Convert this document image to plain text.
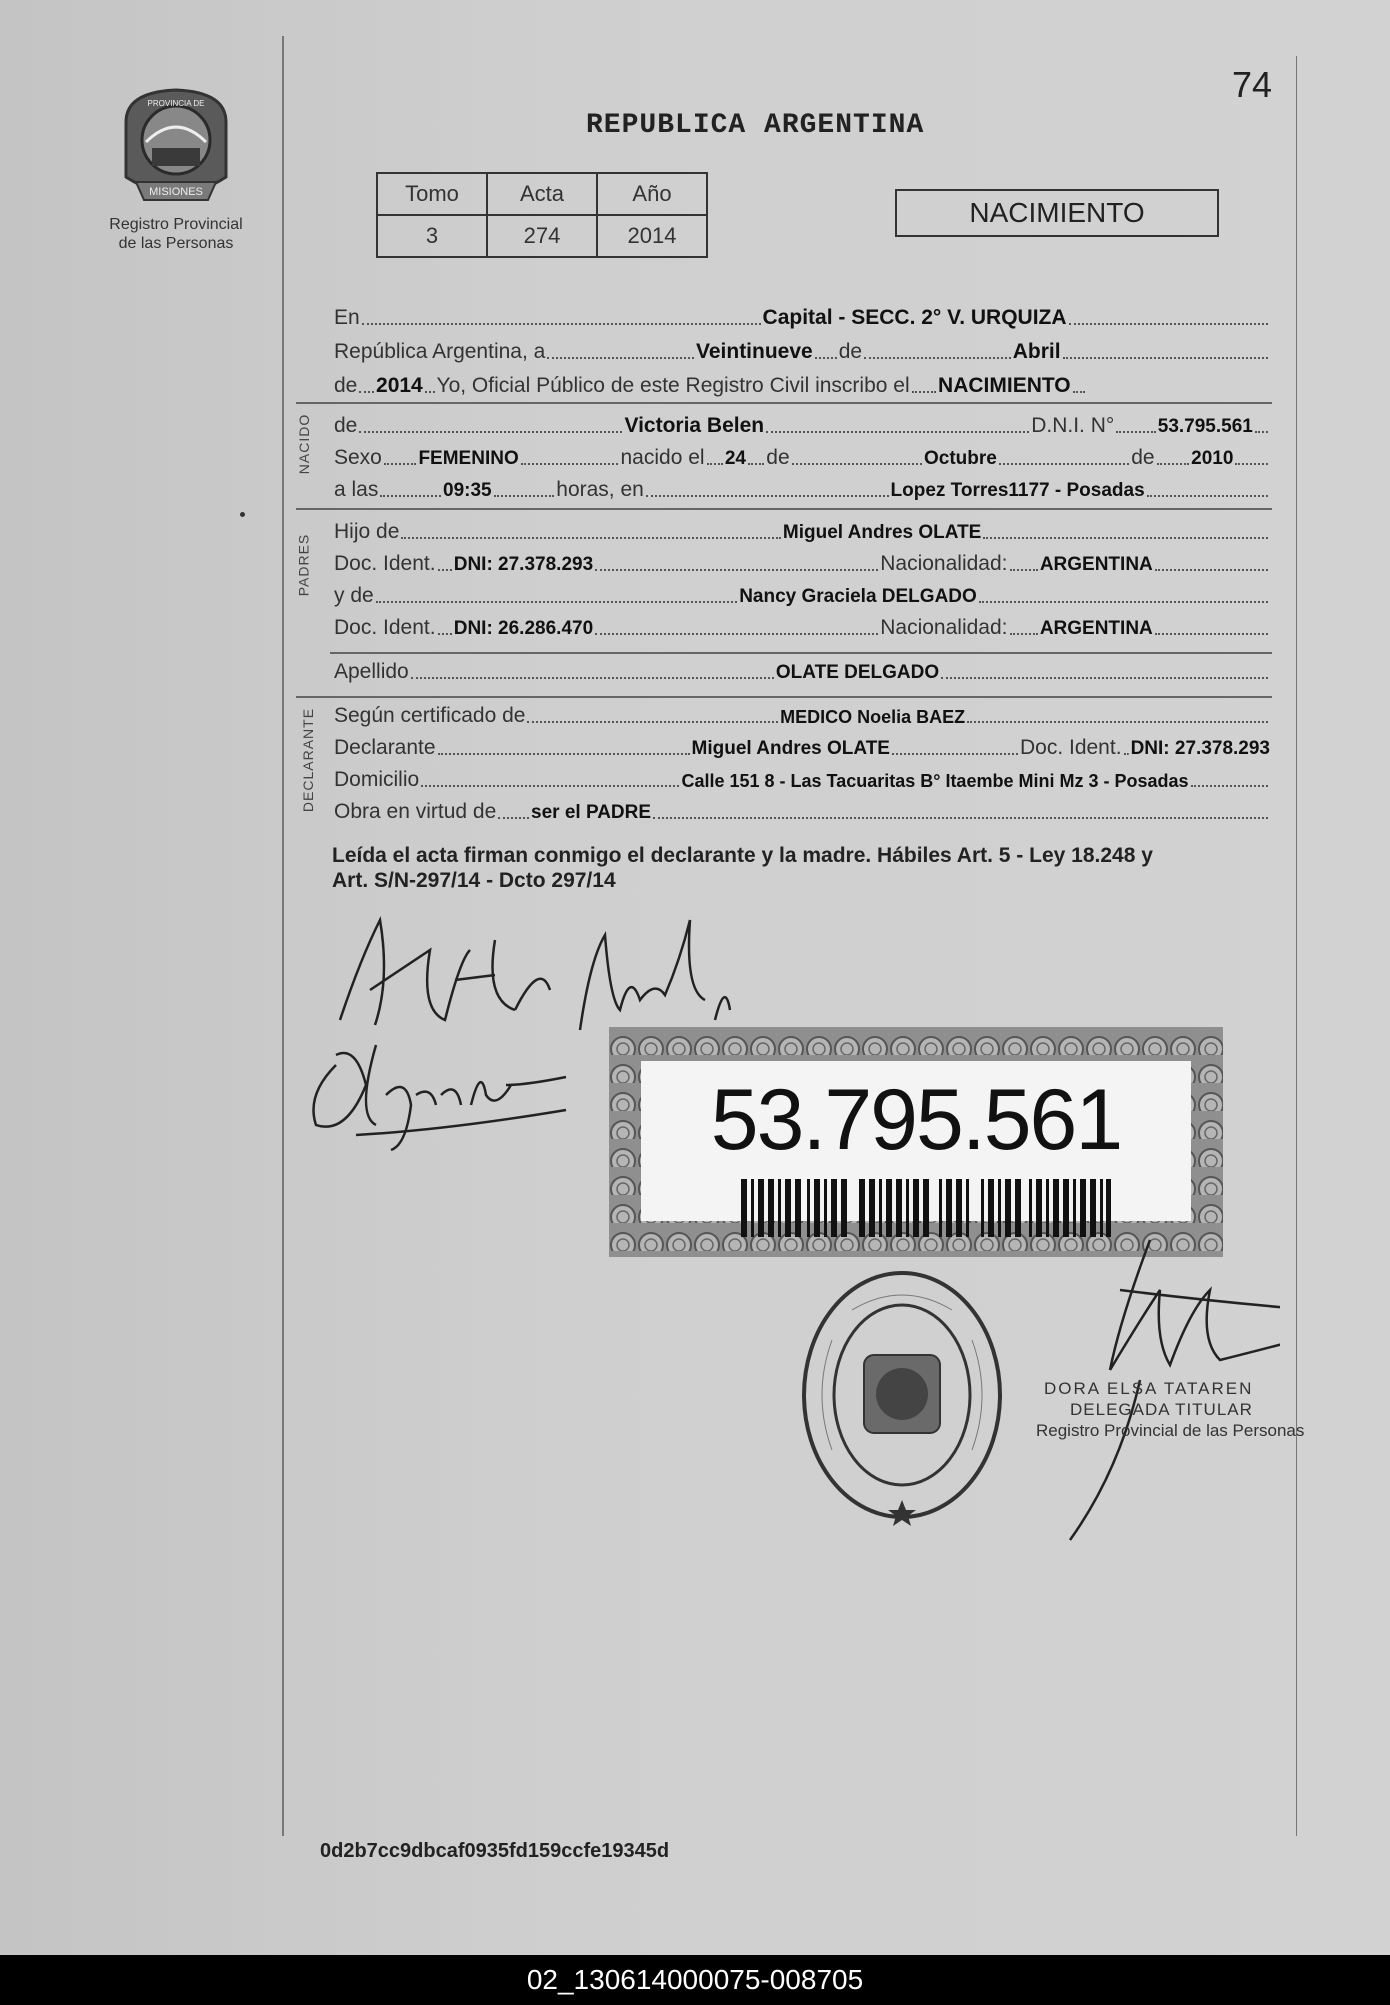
MISIONES
PROVINCIA DE
Registro Provincial
de las Personas
74
REPUBLICA ARGENTINA
Tomo	Acta	Año
3	274	2014
NACIMIENTO
En	Capital - SECC. 2° V. URQUIZA
República Argentina, a	Veintinueve de	Abril
de 2014 Yo, Oficial Público de este Registro Civil inscribo el NACIMIENTO
NACIDO de	Victoria Belen	D.N.I. N° 53.795.561
Sexo FEMENINO	nacido el 24 de	Octubre	de 2010
a las	09:35	horas, en	Lopez Torres1177 - Posadas
PADRES
Hijo de	Miguel Andres OLATE
Doc. Ident. DNI: 27.378.293	Nacionalidad: ARGENTINA
y de	Nancy Graciela DELGADO
Doc. Ident. DNI: 26.286.470	Nacionalidad: ARGENTINA
Apellido	OLATE DELGADO
DECLARANTE Según certificado de	MEDICO Noelia BAEZ
Declarante	Miguel Andres OLATE	Doc. Ident. DNI: 27.378.293
Domicilio	Calle 151 8 - Las Tacuaritas B° Itaembe Mini Mz 3 - Posadas
Obra en virtud de ser el PADRE
Leída el acta firman conmigo el declarante y la madre. Hábiles Art. 5 - Ley 18.248 y
Art. S/N-297/14 - Dcto 297/14
53.795.561
DORA ELSA TATAREN
DELEGADA TITULAR
Registro Provincial de las Personas
0d2b7cc9dbcaf0935fd159ccfe19345d
02_130614000075-008705
